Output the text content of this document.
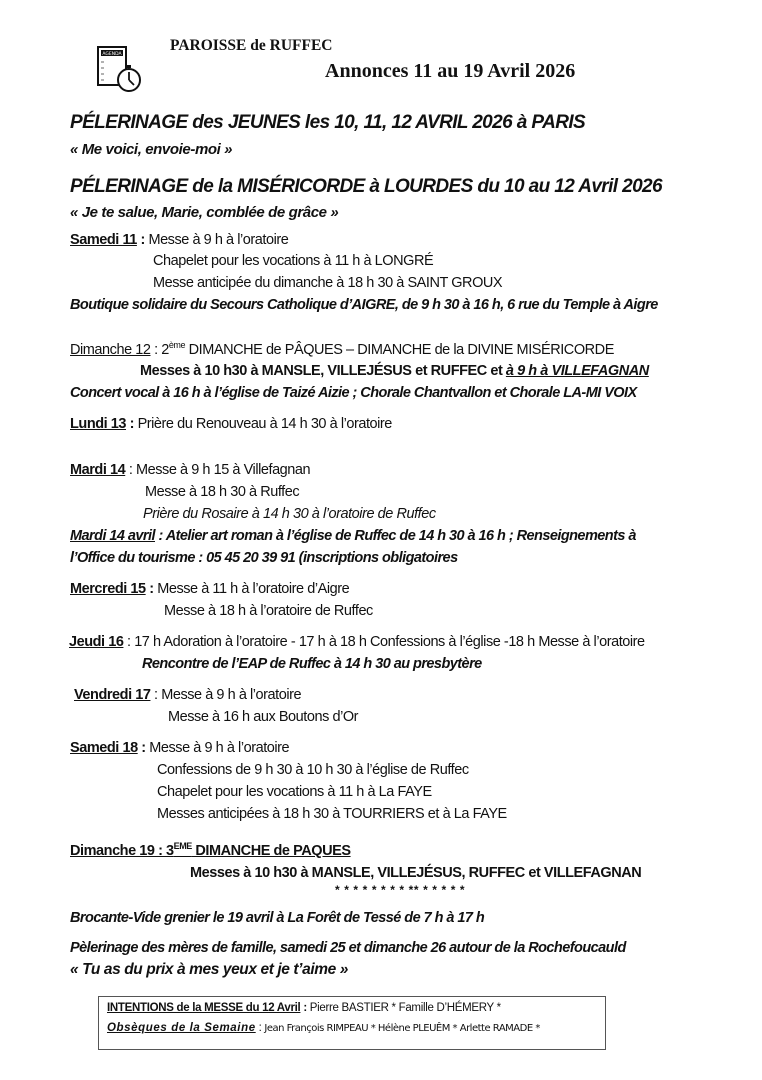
AGENDA
PAROISSE de RUFFEC
Annonces 11 au 19 Avril 2026
PÉLERINAGE des JEUNES les 10, 11, 12 AVRIL 2026 à PARIS
« Me voici, envoie-moi »
PÉLERINAGE de la MISÉRICORDE à LOURDES du 10 au 12 Avril 2026
« Je te salue, Marie, comblée de grâce »
Samedi 11 : Messe à 9 h à l’oratoire
Chapelet pour les vocations à 11 h à LONGRÉ
Messe anticipée du dimanche à 18 h 30 à SAINT GROUX
Boutique solidaire du Secours Catholique d’AIGRE, de 9 h 30 à 16 h, 6 rue du Temple à Aigre
Dimanche 12 : 2ème DIMANCHE de PÂQUES – DIMANCHE de la DIVINE MISÉRICORDE
Messes à 10 h30 à MANSLE, VILLEJÉSUS et RUFFEC et à 9 h à VILLEFAGNAN
Concert vocal à 16 h à l’église de Taizé Aizie ; Chorale Chantvallon et Chorale LA-MI VOIX
Lundi 13 : Prière du Renouveau à 14 h 30 à l’oratoire
Mardi 14 : Messe à 9 h 15 à Villefagnan
Messe à 18 h 30 à Ruffec
Prière du Rosaire à 14 h 30 à l’oratoire de Ruffec
Mardi 14 avril : Atelier art roman à l’église de Ruffec de 14 h 30 à 16 h ; Renseignements à
l’Office du tourisme : 05 45 20 39 91 (inscriptions obligatoires
Mercredi 15 : Messe à 11 h à l’oratoire d’Aigre
Messe à 18 h à l’oratoire de Ruffec
Jeudi 16 : 17 h Adoration à l’oratoire - 17 h à 18 h Confessions à l’église -18 h Messe à l’oratoire
Rencontre de l’EAP de Ruffec à 14 h 30 au presbytère
Vendredi 17 : Messe à 9 h à l’oratoire
Messe à 16 h aux Boutons d’Or
Samedi 18 : Messe à 9 h à l’oratoire
Confessions de 9 h 30 à 10 h 30 à l’église de Ruffec
Chapelet pour les vocations à 11 h à La FAYE
Messes anticipées à 18 h 30 à TOURRIERS et à La FAYE
Dimanche 19 : 3EME DIMANCHE de PAQUES
Messes à 10 h30 à MANSLE, VILLEJÉSUS, RUFFEC et VILLEFAGNAN
* * * * * * * * ** * * * * *
Brocante-Vide grenier le 19 avril à La Forêt de Tessé de 7 h à 17 h
Pèlerinage des mères de famille, samedi 25 et dimanche 26 autour de la Rochefoucauld
« Tu as du prix à mes yeux et je t’aime »
INTENTIONS de la MESSE du 12 Avril : Pierre BASTIER * Famille D’HÉMERY *
Obsèques de la Semaine : Jean François RIMPEAU * Hélène PLEUÊM * Arlette RAMADE *
